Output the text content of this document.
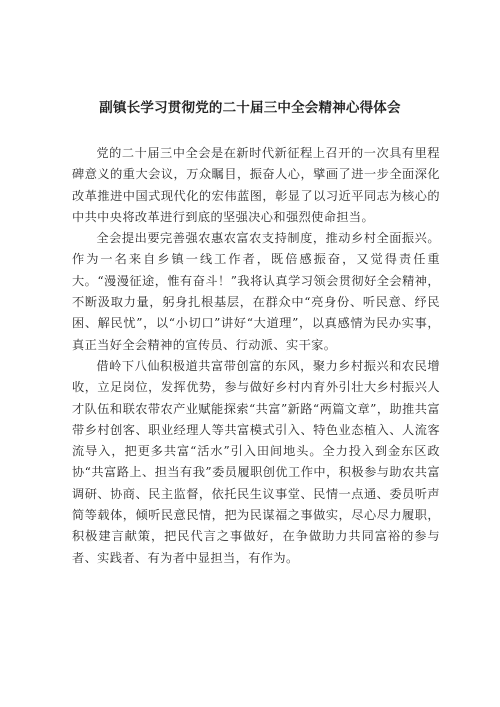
副镇长学习贯彻党的二十届三中全会精神心得体会

党的二十届三中全会是在新时代新征程上召开的一次具有里程碑意义的重大会议，万众瞩目，振奋人心，擘画了进一步全面深化改革推进中国式现代化的宏伟蓝图，彰显了以习近平同志为核心的中共中央将改革进行到底的坚强决心和强烈使命担当。

全会提出要完善强农惠农富农支持制度，推动乡村全面振兴。作为一名来自乡镇一线工作者，既倍感振奋，又觉得责任重大。“漫漫征途，惟有奋斗！”我将认真学习领会贯彻好全会精神，不断汲取力量，躬身扎根基层，在群众中“亮身份、听民意、纾民困、解民忧”，以“小切口”讲好“大道理”，以真感情为民办实事，真正当好全会精神的宣传员、行动派、实干家。

借岭下八仙积极道共富带创富的东风，聚力乡村振兴和农民增收，立足岗位，发挥优势，参与做好乡村内育外引壮大乡村振兴人才队伍和联农带农产业赋能探索“共富”新路“两篇文章”，助推共富带乡村创客、职业经理人等共富模式引入、特色业态植入、人流客流导入，把更多共富“活水”引入田间地头。全力投入到金东区政协“共富路上、担当有我”委员履职创优工作中，积极参与助农共富调研、协商、民主监督，依托民生议事堂、民情一点通、委员听声简等载体，倾听民意民情，把为民谋福之事做实，尽心尽力履职，积极建言献策，把民代言之事做好，在争做助力共同富裕的参与者、实践者、有为者中显担当，有作为。
